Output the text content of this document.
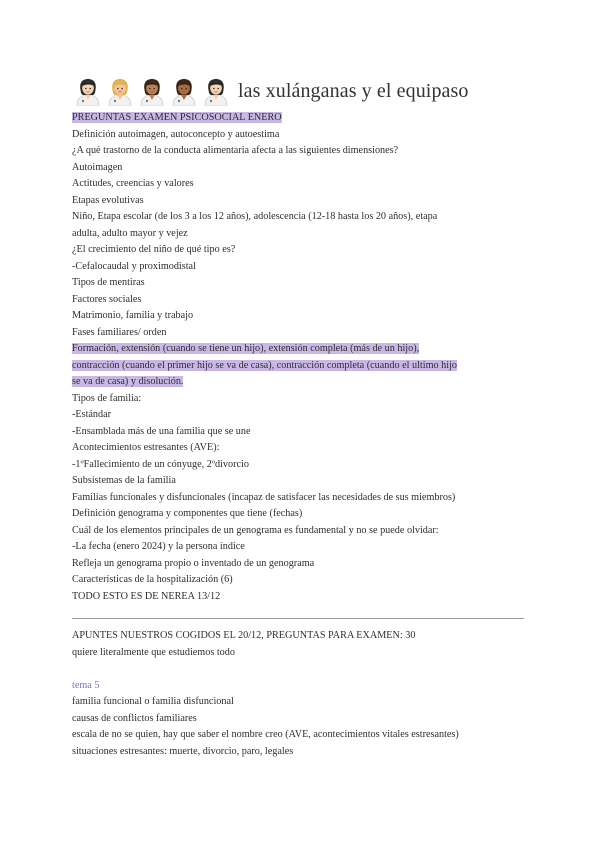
las xulánganas y el equipaso
PREGUNTAS EXAMEN PSICOSOCIAL ENERO
Definición autoimagen, autoconcepto y autoestima
¿A qué trastorno de la conducta alimentaria afecta a las siguientes dimensiones?
Autoimagen
Actitudes, creencias y valores
Etapas evolutivas
Niño, Etapa escolar (de los 3 a los 12 años), adolescencia (12-18 hasta los 20 años), etapa
adulta, adulto mayor y vejez
¿El crecimiento del niño de qué tipo es?
-Cefalocaudal y proximodistal
Tipos de mentiras
Factores sociales
Matrimonio, familia y trabajo
Fases familiares/ orden
Formación, extensión (cuando se tiene un hijo), extensión completa (más de un hijo),
contracción (cuando el primer hijo se va de casa), contracción completa (cuando el ultimo hijo
se va de casa) y disolución.
Tipos de familia:
-Estándar
-Ensamblada más de una familia que se une
Acontecimientos estresantes (AVE):
-1ºFallecimiento de un cónyuge, 2ºdivorcio
Subsistemas de la familia
Familias funcionales y disfuncionales (incapaz de satisfacer las necesidades de sus miembros)
Definición genograma y componentes que tiene (fechas)
Cuál de los elementos principales de un genograma es fundamental y no se puede olvidar:
-La fecha (enero 2024) y la persona índice
Refleja un genograma propio o inventado de un genograma
Características de la hospitalización (6)
TODO ESTO ES DE NEREA 13/12
APUNTES NUESTROS COGIDOS EL 20/12, PREGUNTAS PARA EXAMEN: 30
quiere literalmente que estudiemos todo
tema 5
familia funcional o familia disfuncional
causas de conflictos familiares
escala de no se quien, hay que saber el nombre creo (AVE, acontecimientos vitales estresantes)
situaciones estresantes: muerte, divorcio, paro, legales
